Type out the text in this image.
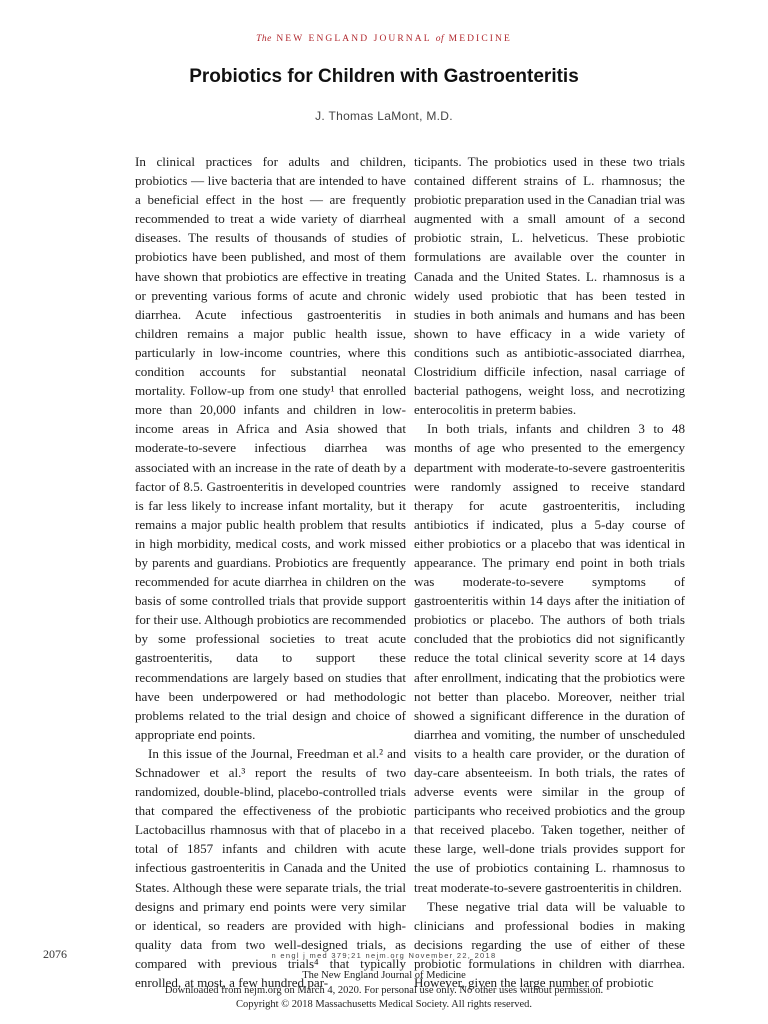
The NEW ENGLAND JOURNAL of MEDICINE
Probiotics for Children with Gastroenteritis
J. Thomas LaMont, M.D.

In clinical practices for adults and children, probiotics — live bacteria that are intended to have a beneficial effect in the host — are frequently recommended to treat a wide variety of diarrheal diseases. The results of thousands of studies of probiotics have been published, and most of them have shown that probiotics are effective in treating or preventing various forms of acute and chronic diarrhea. Acute infectious gastroenteritis in children remains a major public health issue, particularly in low-income countries, where this condition accounts for substantial neonatal mortality. Follow-up from one study¹ that enrolled more than 20,000 infants and children in low-income areas in Africa and Asia showed that moderate-to-severe infectious diarrhea was associated with an increase in the rate of death by a factor of 8.5. Gastroenteritis in developed countries is far less likely to increase infant mortality, but it remains a major public health problem that results in high morbidity, medical costs, and work missed by parents and guardians. Probiotics are frequently recommended for acute diarrhea in children on the basis of some controlled trials that provide support for their use. Although probiotics are recommended by some professional societies to treat acute gastroenteritis, data to support these recommendations are largely based on studies that have been underpowered or had methodologic problems related to the trial design and choice of appropriate end points.

In this issue of the Journal, Freedman et al.² and Schnadower et al.³ report the results of two randomized, double-blind, placebo-controlled trials that compared the effectiveness of the probiotic Lactobacillus rhamnosus with that of placebo in a total of 1857 infants and children with acute infectious gastroenteritis in Canada and the United States. Although these were separate trials, the trial designs and primary end points were very similar or identical, so readers are provided with high-quality data from two well-designed trials, as compared with previous trials⁴ that typically enrolled, at most, a few hundred par-

ticipants. The probiotics used in these two trials contained different strains of L. rhamnosus; the probiotic preparation used in the Canadian trial was augmented with a small amount of a second probiotic strain, L. helveticus. These probiotic formulations are available over the counter in Canada and the United States. L. rhamnosus is a widely used probiotic that has been tested in studies in both animals and humans and has been shown to have efficacy in a wide variety of conditions such as antibiotic-associated diarrhea, Clostridium difficile infection, nasal carriage of bacterial pathogens, weight loss, and necrotizing enterocolitis in preterm babies.

In both trials, infants and children 3 to 48 months of age who presented to the emergency department with moderate-to-severe gastroenteritis were randomly assigned to receive standard therapy for acute gastroenteritis, including antibiotics if indicated, plus a 5-day course of either probiotics or a placebo that was identical in appearance. The primary end point in both trials was moderate-to-severe symptoms of gastroenteritis within 14 days after the initiation of probiotics or placebo. The authors of both trials concluded that the probiotics did not significantly reduce the total clinical severity score at 14 days after enrollment, indicating that the probiotics were not better than placebo. Moreover, neither trial showed a significant difference in the duration of diarrhea and vomiting, the number of unscheduled visits to a health care provider, or the duration of day-care absenteeism. In both trials, the rates of adverse events were similar in the group of participants who received probiotics and the group that received placebo. Taken together, neither of these large, well-done trials provides support for the use of probiotics containing L. rhamnosus to treat moderate-to-severe gastroenteritis in children.

These negative trial data will be valuable to clinicians and professional bodies in making decisions regarding the use of either of these probiotic formulations in children with diarrhea. However, given the large number of probiotic

2076	n engl j med 379;21 nejm.org November 22, 2018
The New England Journal of Medicine
Downloaded from nejm.org on March 4, 2020. For personal use only. No other uses without permission.
Copyright © 2018 Massachusetts Medical Society. All rights reserved.
